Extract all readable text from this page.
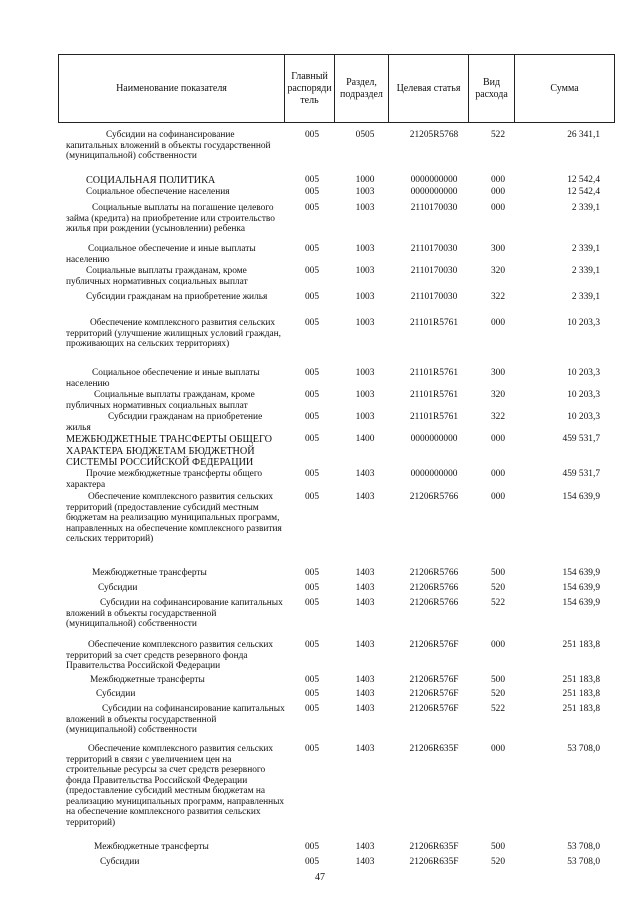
Наименование показателя	Главный распоряди тель	Раздел, подраздел	Целевая статья	Вид расхода	Сумма
Субсидии на софинансирование капитальных вложений в объекты государственной (муниципальной) собственности
005	0505	21205R5768	522	26 341,1
СОЦИАЛЬНАЯ ПОЛИТИКА	005	1000	0000000000	000	12 542,4
Социальное обеспечение населения	005	1003	0000000000	000	12 542,4
Социальные выплаты на погашение целевого займа (кредита) на приобретение или строительство жилья при рождении (усыновлении) ребенка
005	1003	2110170030	000	2 339,1
Социальное обеспечение и иные выплаты населению
005	1003	2110170030	300	2 339,1
Социальные выплаты гражданам, кроме публичных нормативных социальных выплат
005	1003	2110170030	320	2 339,1
Субсидии гражданам на приобретение жилья	005	1003	2110170030	322	2 339,1
Обеспечение комплексного развития сельских территорий (улучшение жилищных условий граждан, проживающих на сельских территориях)
005	1003	21101R5761	000	10 203,3
Социальное обеспечение и иные выплаты населению
005	1003	21101R5761	300	10 203,3
Социальные выплаты гражданам, кроме публичных нормативных социальных выплат
005	1003	21101R5761	320	10 203,3
Субсидии гражданам на приобретение жилья
005	1003	21101R5761	322	10 203,3
МЕЖБЮДЖЕТНЫЕ ТРАНСФЕРТЫ ОБЩЕГО ХАРАКТЕРА БЮДЖЕТАМ БЮДЖЕТНОЙ СИСТЕМЫ РОССИЙСКОЙ ФЕДЕРАЦИИ
005	1400	0000000000	000	459 531,7
Прочие межбюджетные трансферты общего характера
005	1403	0000000000	000	459 531,7
Обеспечение комплексного развития сельских территорий (предоставление субсидий местным бюджетам на реализацию муниципальных программ, направленных на обеспечение комплексного развития сельских территорий)
005	1403	21206R5766	000	154 639,9
Межбюджетные трансферты	005	1403	21206R5766	500	154 639,9
Субсидии	005	1403	21206R5766	520	154 639,9
Субсидии на софинансирование капитальных вложений в объекты государственной (муниципальной) собственности
005	1403	21206R5766	522	154 639,9
Обеспечение комплексного развития сельских территорий за счет средств резервного фонда Правительства Российской Федерации
005	1403	21206R576F	000	251 183,8
Межбюджетные трансферты	005	1403	21206R576F	500	251 183,8
Субсидии	005	1403	21206R576F	520	251 183,8
Субсидии на софинансирование капитальных вложений в объекты государственной (муниципальной) собственности
005	1403	21206R576F	522	251 183,8
Обеспечение комплексного развития сельских территорий в связи с увеличением цен на строительные ресурсы за счет средств резервного фонда Правительства Российской Федерации (предоставление субсидий местным бюджетам на реализацию муниципальных программ, направленных на обеспечение комплексного развития сельских территорий)
005	1403	21206R635F	000	53 708,0
Межбюджетные трансферты	005	1403	21206R635F	500	53 708,0
Субсидии	005	1403	21206R635F	520	53 708,0
47
